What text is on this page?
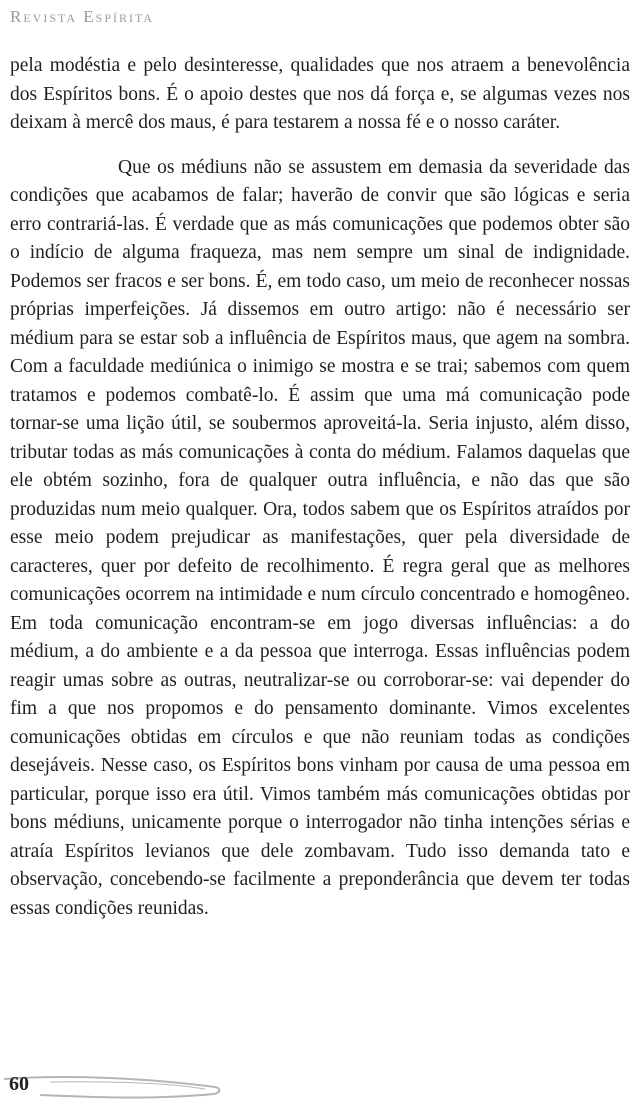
Revista Espírita

pela modéstia e pelo desinteresse, qualidades que nos atraem a benevolência dos Espíritos bons. É o apoio destes que nos dá força e, se algumas vezes nos deixam à mercê dos maus, é para testarem a nossa fé e o nosso caráter.

Que os médiuns não se assustem em demasia da severidade das condições que acabamos de falar; haverão de convir que são lógicas e seria erro contrariá-las. É verdade que as más comunicações que podemos obter são o indício de alguma fraqueza, mas nem sempre um sinal de indignidade. Podemos ser fracos e ser bons. É, em todo caso, um meio de reconhecer nossas próprias imperfeições. Já dissemos em outro artigo: não é necessário ser médium para se estar sob a influência de Espíritos maus, que agem na sombra. Com a faculdade mediúnica o inimigo se mostra e se trai; sabemos com quem tratamos e podemos combatê-lo. É assim que uma má comunicação pode tornar-se uma lição útil, se soubermos aproveitá-la. Seria injusto, além disso, tributar todas as más comunicações à conta do médium. Falamos daquelas que ele obtém sozinho, fora de qualquer outra influência, e não das que são produzidas num meio qualquer. Ora, todos sabem que os Espíritos atraídos por esse meio podem prejudicar as manifestações, quer pela diversidade de caracteres, quer por defeito de recolhimento. É regra geral que as melhores comunicações ocorrem na intimidade e num círculo concentrado e homogêneo. Em toda comunicação encontram-se em jogo diversas influências: a do médium, a do ambiente e a da pessoa que interroga. Essas influências podem reagir umas sobre as outras, neutralizar-se ou corroborar-se: vai depender do fim a que nos propomos e do pensamento dominante. Vimos excelentes comunicações obtidas em círculos e que não reuniam todas as condições desejáveis. Nesse caso, os Espíritos bons vinham por causa de uma pessoa em particular, porque isso era útil. Vimos também más comunicações obtidas por bons médiuns, unicamente porque o interrogador não tinha intenções sérias e atraía Espíritos levianos que dele zombavam. Tudo isso demanda tato e observação, concebendo-se facilmente a preponderância que devem ter todas essas condições reunidas.

60
